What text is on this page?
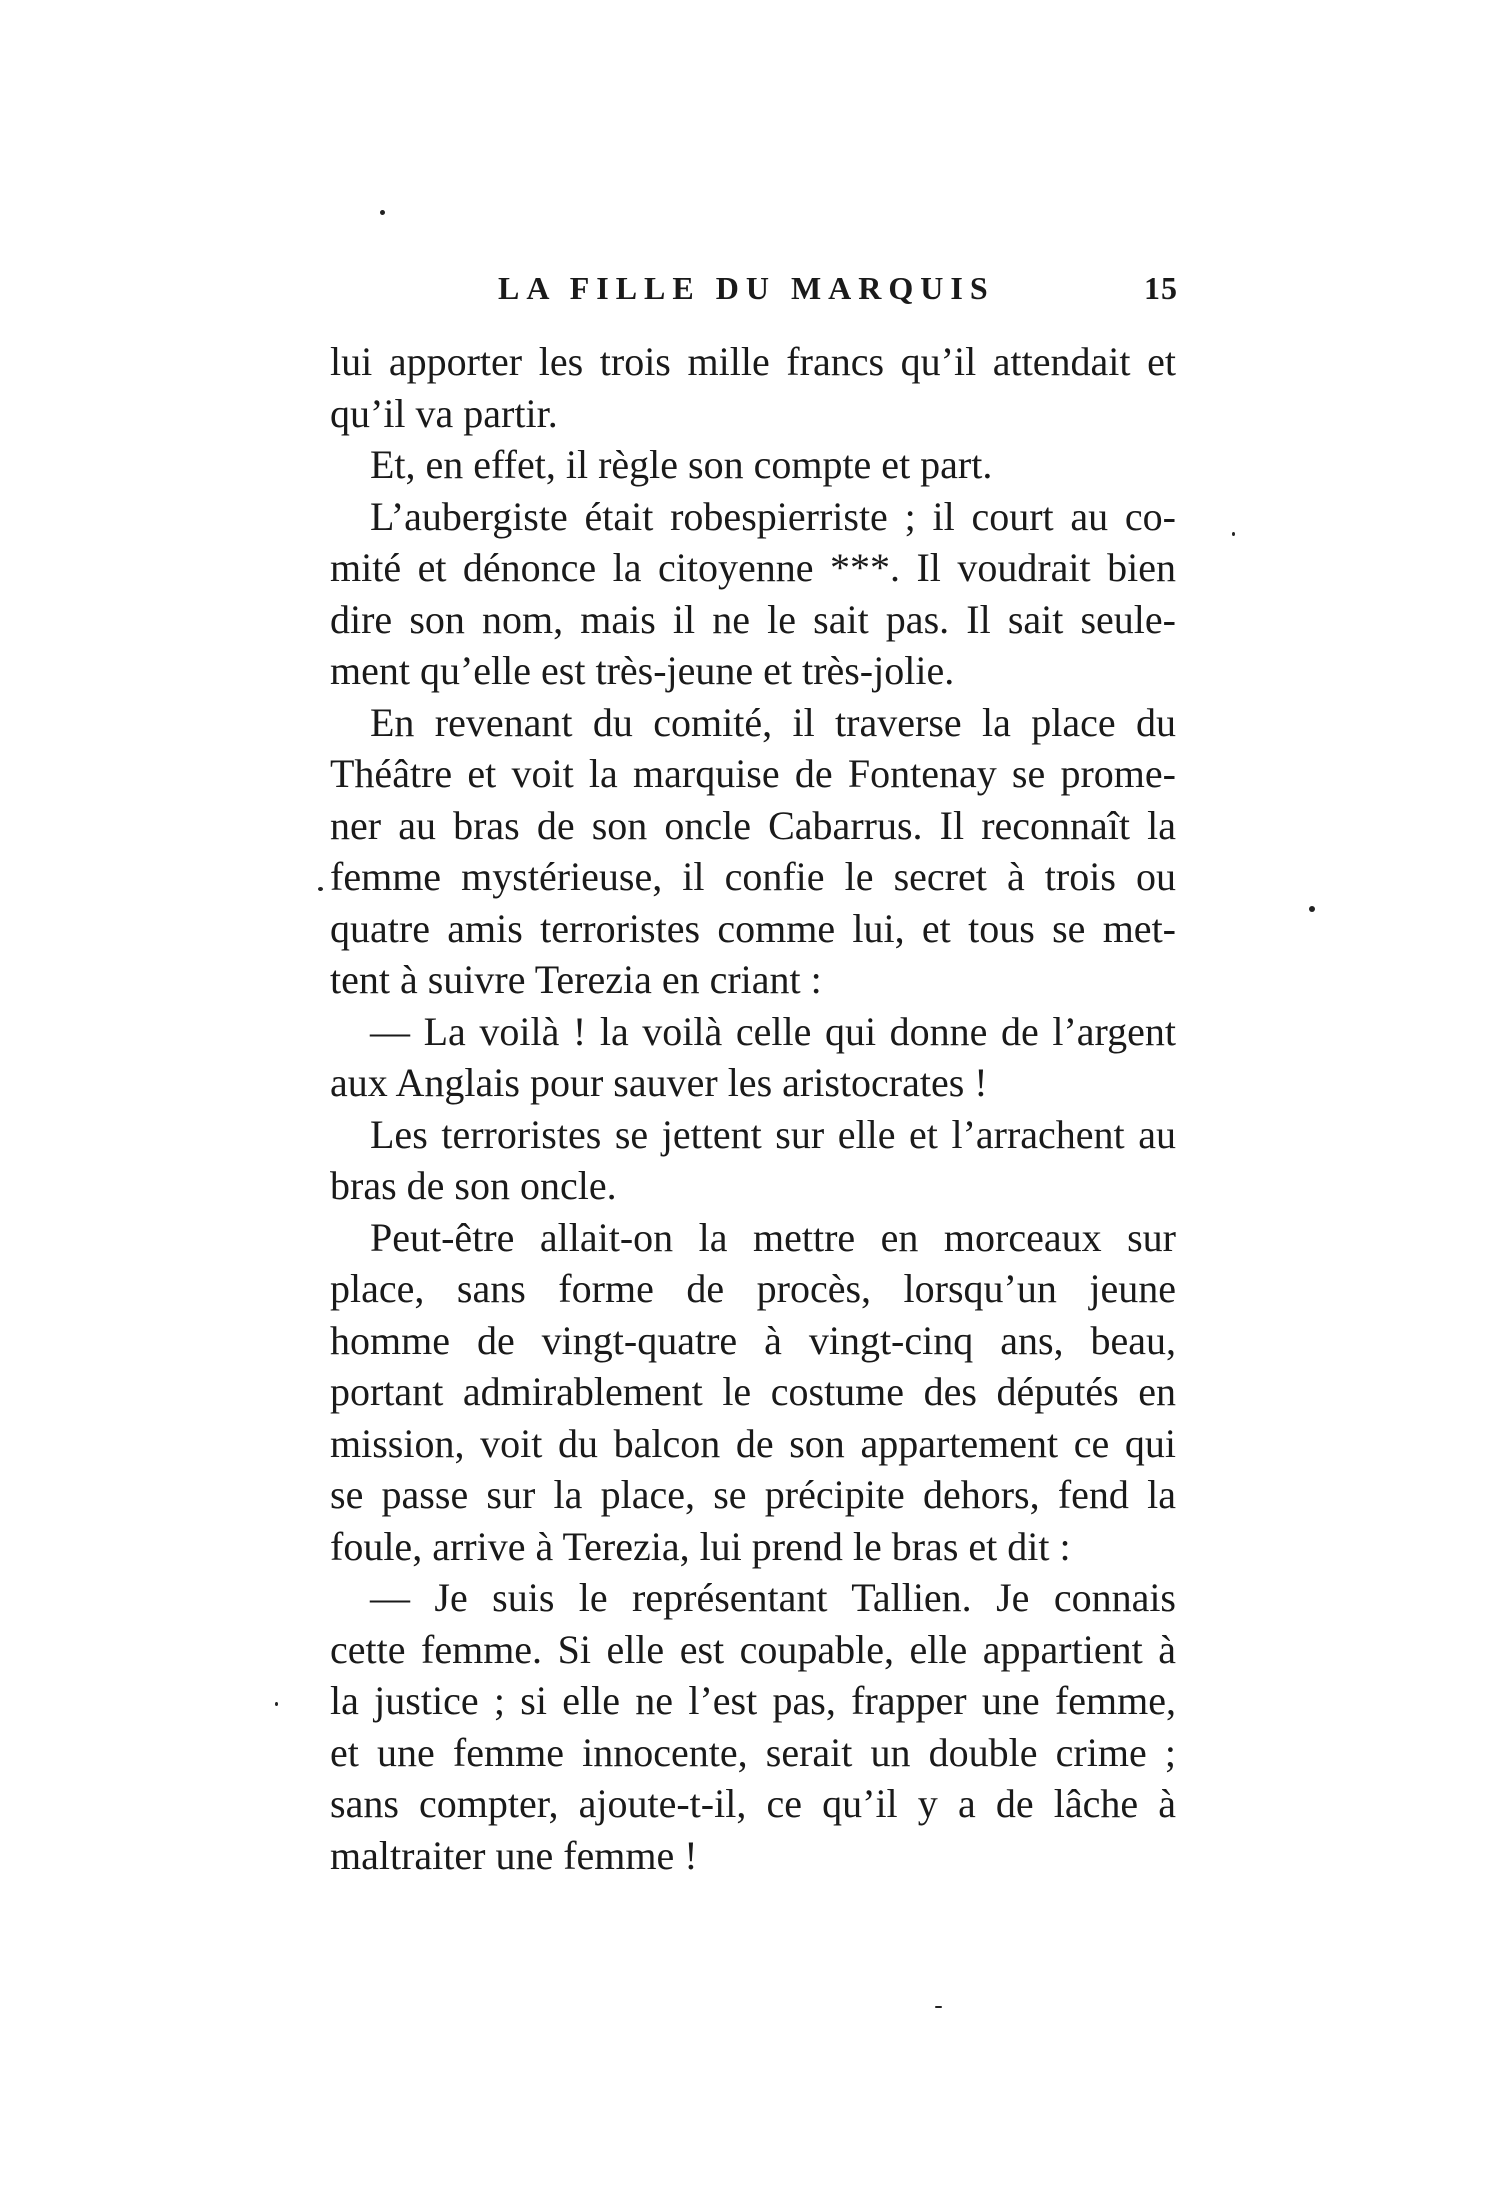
LA FILLE DU MARQUIS	15
lui apporter les trois mille francs qu’il attendait et
qu’il va partir.
Et, en effet, il règle son compte et part.
L’aubergiste était robespierriste ; il court au co-
mité et dénonce la citoyenne ***. Il voudrait bien
dire son nom, mais il ne le sait pas. Il sait seule-
ment qu’elle est très-jeune et très-jolie.
En revenant du comité, il traverse la place du
Théâtre et voit la marquise de Fontenay se prome-
ner au bras de son oncle Cabarrus. Il reconnaît la
femme mystérieuse, il confie le secret à trois ou
quatre amis terroristes comme lui, et tous se met-
tent à suivre Terezia en criant :
— La voilà ! la voilà celle qui donne de l’argent
aux Anglais pour sauver les aristocrates !
Les terroristes se jettent sur elle et l’arrachent au
bras de son oncle.
Peut-être allait-on la mettre en morceaux sur
place, sans forme de procès, lorsqu’un jeune
homme de vingt-quatre à vingt-cinq ans, beau,
portant admirablement le costume des députés en
mission, voit du balcon de son appartement ce qui
se passe sur la place, se précipite dehors, fend la
foule, arrive à Terezia, lui prend le bras et dit :
— Je suis le représentant Tallien. Je connais
cette femme. Si elle est coupable, elle appartient à
la justice ; si elle ne l’est pas, frapper une femme,
et une femme innocente, serait un double crime ;
sans compter, ajoute-t-il, ce qu’il y a de lâche à
maltraiter une femme !
